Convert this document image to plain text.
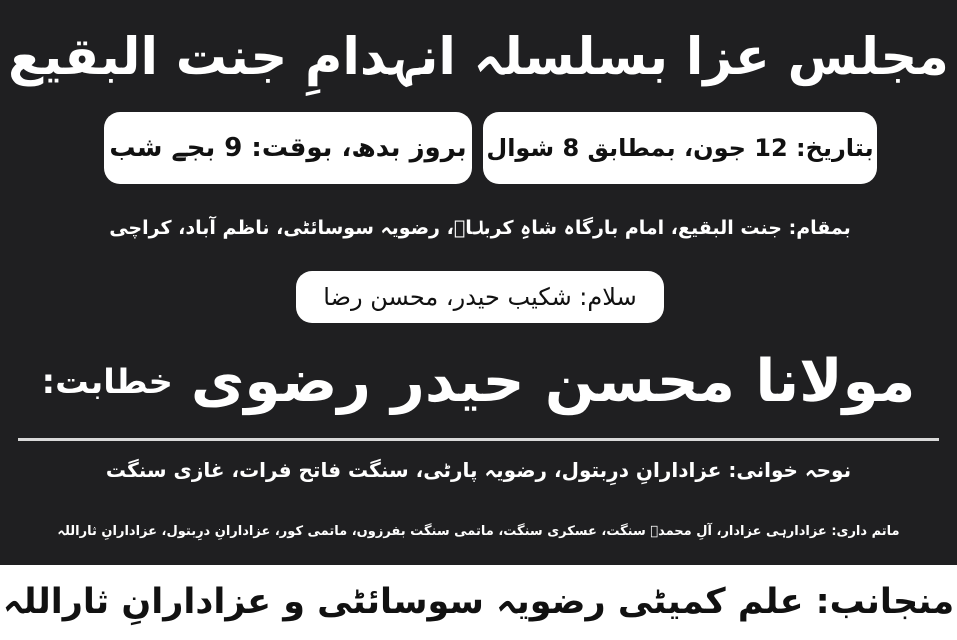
مجلس عزا بسلسلہ انہدامِ جنت البقیع
بتاریخ: 12 جون، بمطابق 8 شوال
بروز بدھ، بوقت: 9 بجے شب
بمقام: جنت البقیع، امام بارگاہ شاہِ کربلاؑ، رضویہ سوسائٹی، ناظم آباد، کراچی
سلام: شکیب حیدر، محسن رضا
خطابت: مولانا محسن حیدر رضوی
نوحہ خوانی: عزادارانِ درِبتول، رضویہ پارٹی، سنگت فاتح فرات، غازی سنگت
ماتم داری: عزادارہی عزادار، آلِ محمدؐ سنگت، عسکری سنگت، ماتمی سنگت بفرزوں، ماتمی کور، عزادارانِ درِبتول، عزادارانِ ثاراللہ
منجانب: علم کمیٹی رضویہ سوسائٹی و عزادارانِ ثاراللہ
